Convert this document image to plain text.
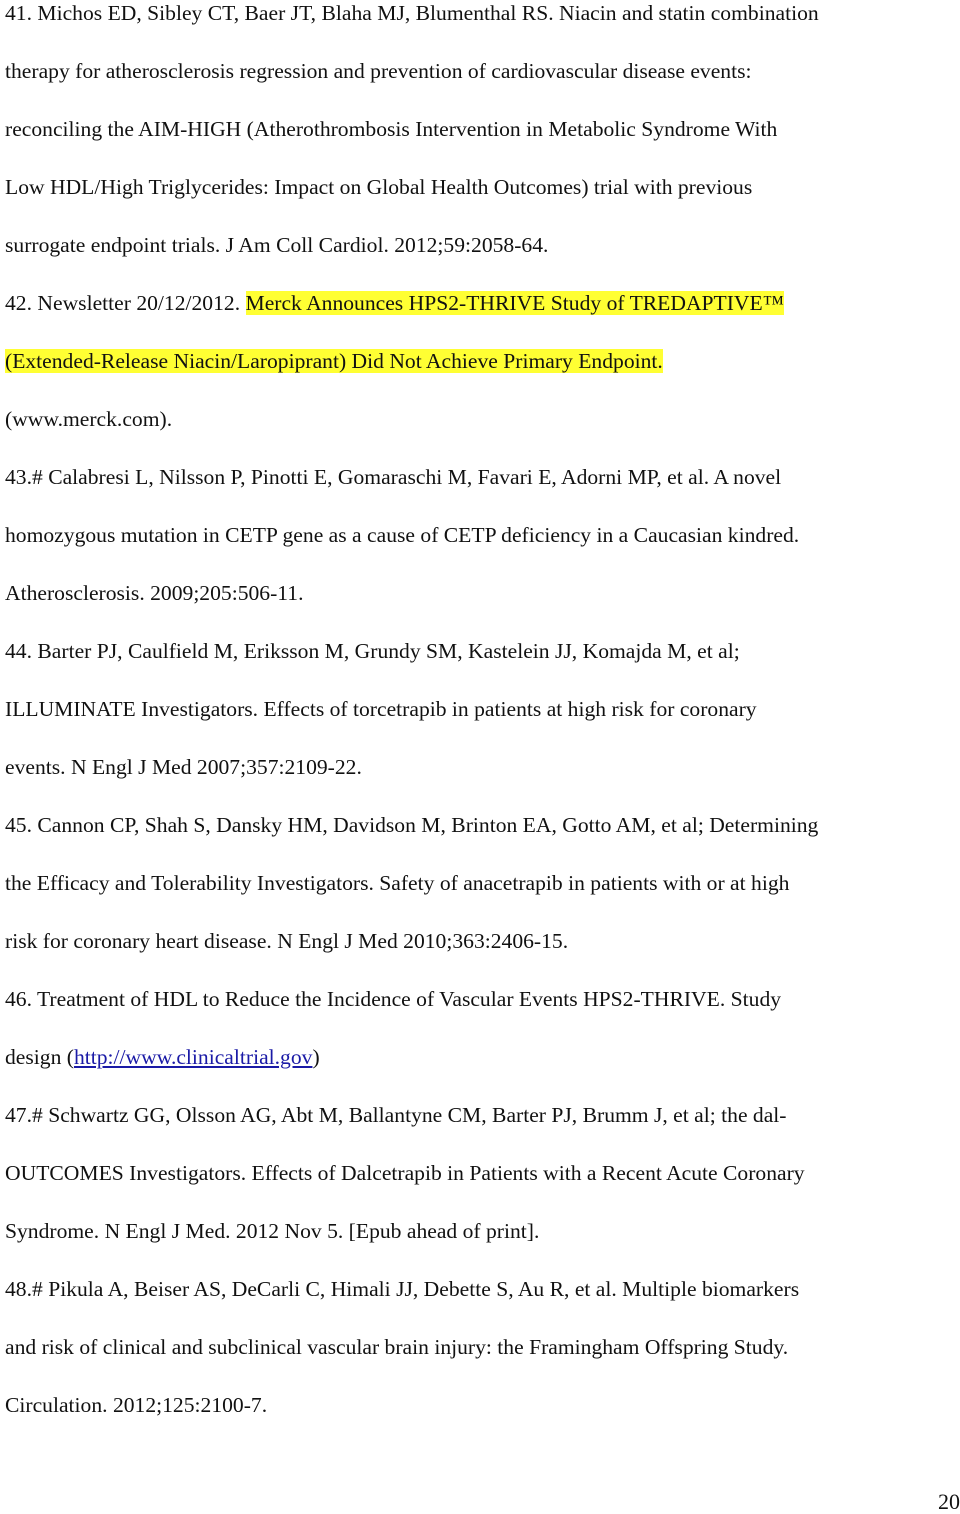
41. Michos ED, Sibley CT, Baer JT, Blaha MJ, Blumenthal RS. Niacin and statin combination
therapy for atherosclerosis regression and prevention of cardiovascular disease events:
reconciling the AIM-HIGH (Atherothrombosis Intervention in Metabolic Syndrome With
Low HDL/High Triglycerides: Impact on Global Health Outcomes) trial with previous
surrogate endpoint trials. J Am Coll Cardiol. 2012;59:2058-64.
42. Newsletter 20/12/2012. Merck Announces HPS2-THRIVE Study of TREDAPTIVE™
(Extended-Release Niacin/Laropiprant) Did Not Achieve Primary Endpoint.
(www.merck.com).
43.# Calabresi L, Nilsson P, Pinotti E, Gomaraschi M, Favari E, Adorni MP, et al. A novel
homozygous mutation in CETP gene as a cause of CETP deficiency in a Caucasian kindred.
Atherosclerosis. 2009;205:506-11.
44. Barter PJ, Caulfield M, Eriksson M, Grundy SM, Kastelein JJ, Komajda M, et al;
ILLUMINATE Investigators. Effects of torcetrapib in patients at high risk for coronary
events. N Engl J Med 2007;357:2109-22.
45. Cannon CP, Shah S, Dansky HM, Davidson M, Brinton EA, Gotto AM, et al; Determining
the Efficacy and Tolerability Investigators. Safety of anacetrapib in patients with or at high
risk for coronary heart disease. N Engl J Med 2010;363:2406-15.
46. Treatment of HDL to Reduce the Incidence of Vascular Events HPS2-THRIVE. Study
design (http://www.clinicaltrial.gov)
47.# Schwartz GG, Olsson AG, Abt M, Ballantyne CM, Barter PJ, Brumm J, et al; the dal-
OUTCOMES Investigators. Effects of Dalcetrapib in Patients with a Recent Acute Coronary
Syndrome. N Engl J Med. 2012 Nov 5. [Epub ahead of print].
48.# Pikula A, Beiser AS, DeCarli C, Himali JJ, Debette S, Au R, et al. Multiple biomarkers
and risk of clinical and subclinical vascular brain injury: the Framingham Offspring Study.
Circulation. 2012;125:2100-7.
20
